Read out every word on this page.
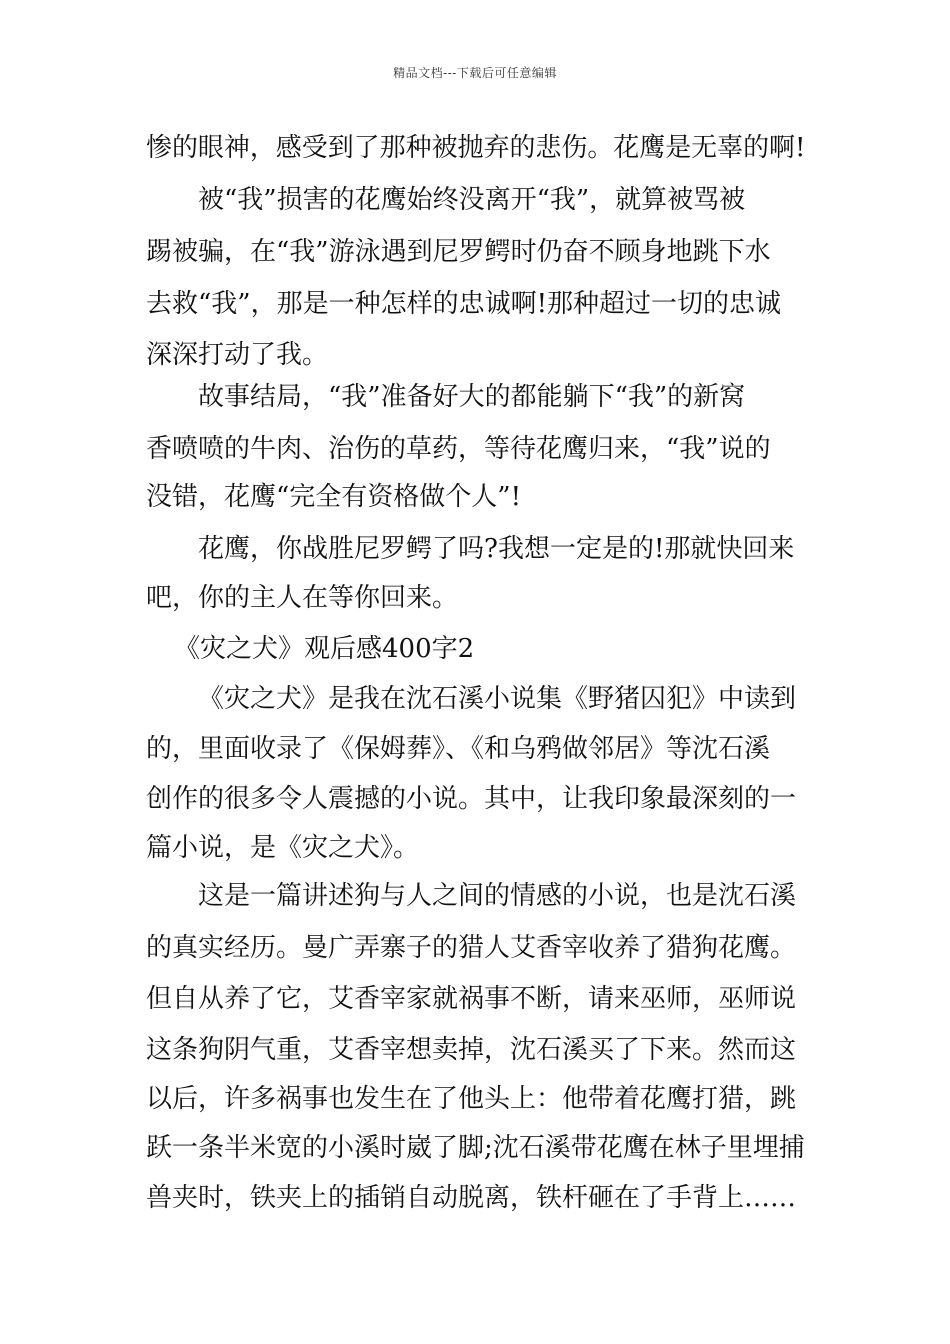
精品文档---下载后可任意编辑
惨的眼神，感受到了那种被抛弃的悲伤。花鹰是无辜的啊!
被“我”损害的花鹰始终没离开“我”，就算被骂被
踢被骗，在“我”游泳遇到尼罗鳄时仍奋不顾身地跳下水
去救“我”，那是一种怎样的忠诚啊!那种超过一切的忠诚
深深打动了我。
故事结局，“我”准备好大的都能躺下“我”的新窝
香喷喷的牛肉、治伤的草药，等待花鹰归来，“我”说的
没错，花鹰“完全有资格做个人”!
花鹰，你战胜尼罗鳄了吗?我想一定是的!那就快回来
吧，你的主人在等你回来。
《灾之犬》观后感400字2
《灾之犬》是我在沈石溪小说集《野猪囚犯》中读到
的，里面收录了《保姆葬》、《和乌鸦做邻居》等沈石溪
创作的很多令人震撼的小说。其中，让我印象最深刻的一
篇小说，是《灾之犬》。
这是一篇讲述狗与人之间的情感的小说，也是沈石溪
的真实经历。曼广弄寨子的猎人艾香宰收养了猎狗花鹰。
但自从养了它，艾香宰家就祸事不断，请来巫师，巫师说
这条狗阴气重，艾香宰想卖掉，沈石溪买了下来。然而这
以后，许多祸事也发生在了他头上：他带着花鹰打猎，跳
跃一条半米宽的小溪时崴了脚;沈石溪带花鹰在林子里埋捕
兽夹时，铁夹上的插销自动脱离，铁杆砸在了手背上……
